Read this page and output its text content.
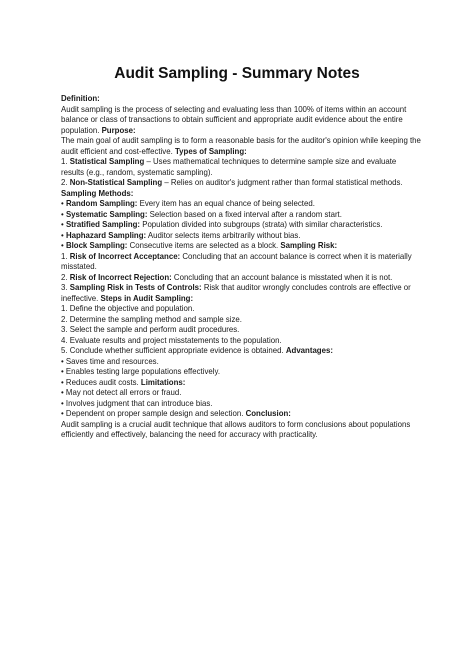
Audit Sampling - Summary Notes

Definition:

Audit sampling is the process of selecting and evaluating less than 100% of items within an account balance or class of transactions to obtain sufficient and appropriate audit evidence about the entire population. Purpose:

The main goal of audit sampling is to form a reasonable basis for the auditor's opinion while keeping the audit efficient and cost-effective. Types of Sampling:

1. Statistical Sampling – Uses mathematical techniques to determine sample size and evaluate results (e.g., random, systematic sampling).

2. Non-Statistical Sampling – Relies on auditor's judgment rather than formal statistical methods.

Sampling Methods:

• Random Sampling: Every item has an equal chance of being selected.

• Systematic Sampling: Selection based on a fixed interval after a random start.

• Stratified Sampling: Population divided into subgroups (strata) with similar characteristics.

• Haphazard Sampling: Auditor selects items arbitrarily without bias.

• Block Sampling: Consecutive items are selected as a block. Sampling Risk:

1. Risk of Incorrect Acceptance: Concluding that an account balance is correct when it is materially misstated.

2. Risk of Incorrect Rejection: Concluding that an account balance is misstated when it is not.

3. Sampling Risk in Tests of Controls: Risk that auditor wrongly concludes controls are effective or ineffective. Steps in Audit Sampling:

1. Define the objective and population.

2. Determine the sampling method and sample size.

3. Select the sample and perform audit procedures.

4. Evaluate results and project misstatements to the population.

5. Conclude whether sufficient appropriate evidence is obtained. Advantages:

• Saves time and resources.

• Enables testing large populations effectively.

• Reduces audit costs. Limitations:

• May not detect all errors or fraud.

• Involves judgment that can introduce bias.

• Dependent on proper sample design and selection. Conclusion:

Audit sampling is a crucial audit technique that allows auditors to form conclusions about populations efficiently and effectively, balancing the need for accuracy with practicality.
